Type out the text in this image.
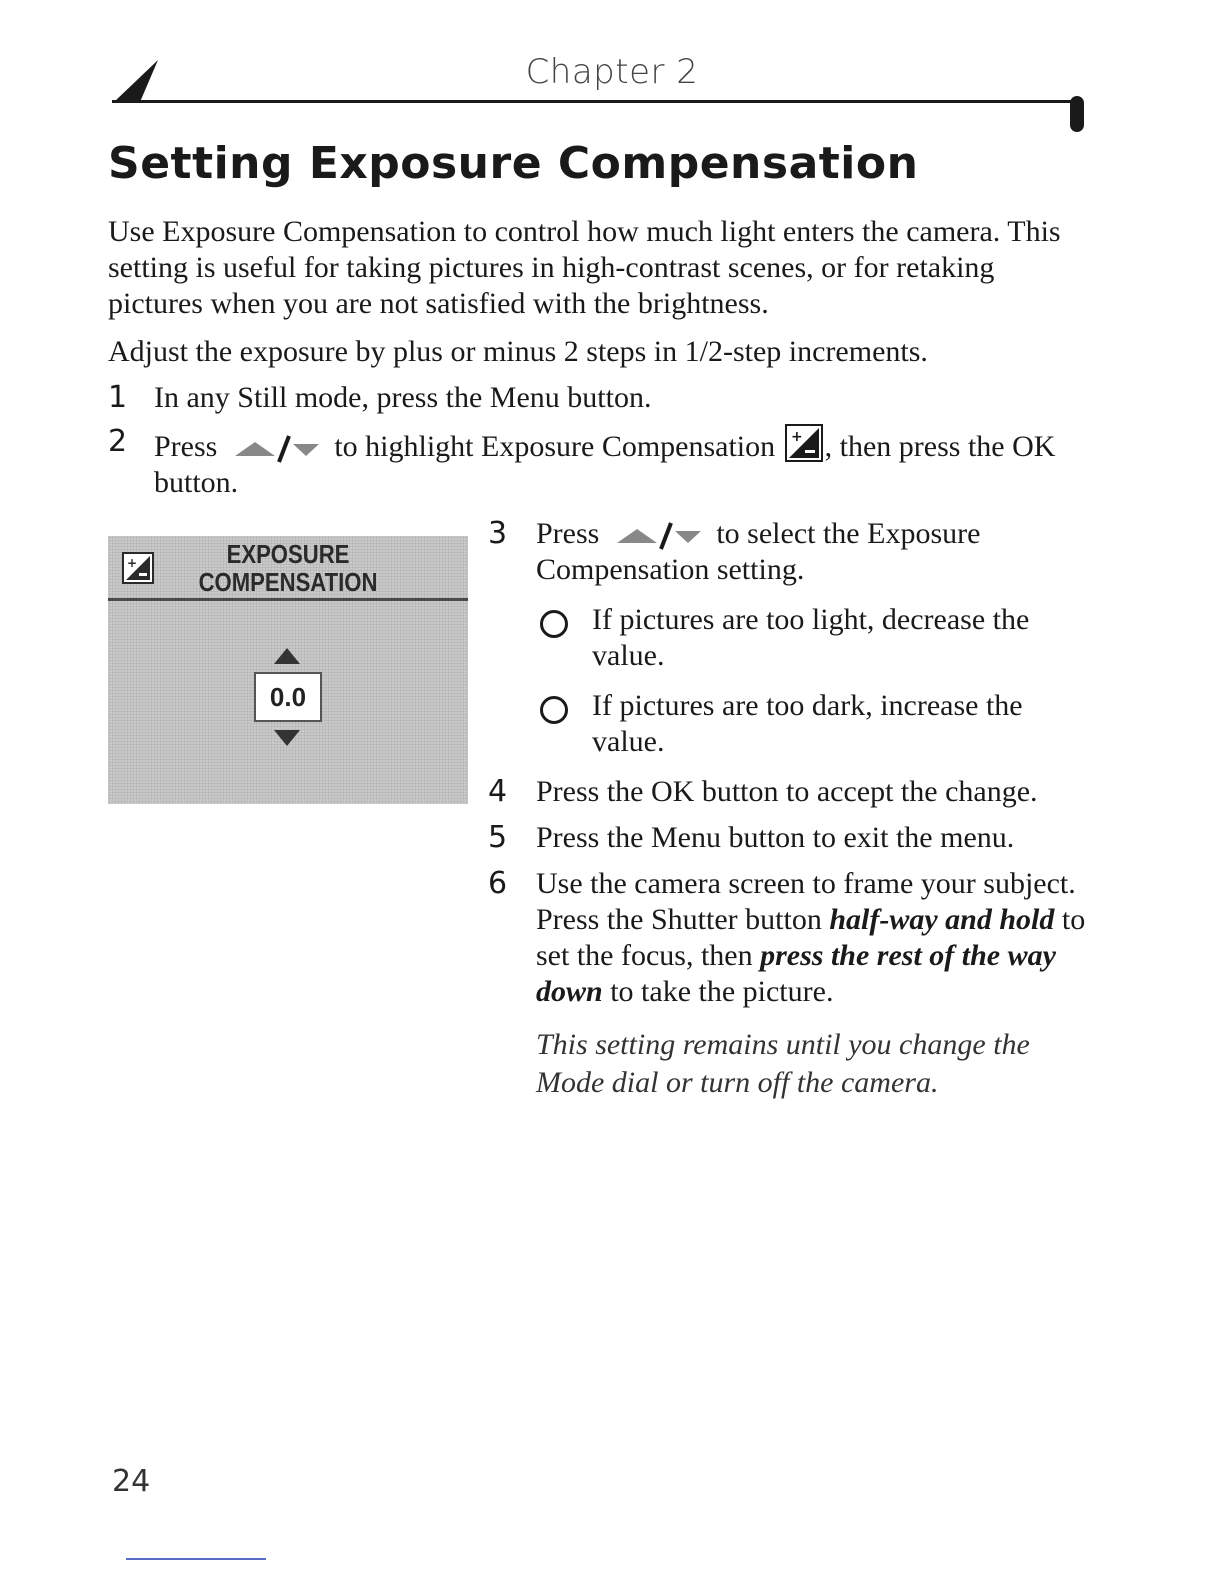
Chapter 2
Setting Exposure Compensation

Use Exposure Compensation to control how much light enters the camera. This setting is useful for taking pictures in high-contrast scenes, or for retaking pictures when you are not satisfied with the brightness.

Adjust the exposure by plus or minus 2 steps in 1/2-step increments.

1 In any Still mode, press the Menu button.
2 Press	to highlight Exposure Compensation + , then press the OK button.
+	EXPOSURE
COMPENSATION
0.0
3 Press	to select the Exposure Compensation setting.
If pictures are too light, decrease the value.
If pictures are too dark, increase the value.
4 Press the OK button to accept the change.
5 Press the Menu button to exit the menu.
6 Use the camera screen to frame your subject. Press the Shutter button half-way and hold to set the focus, then press the rest of the way down to take the picture.

This setting remains until you change the Mode dial or turn off the camera.

24
